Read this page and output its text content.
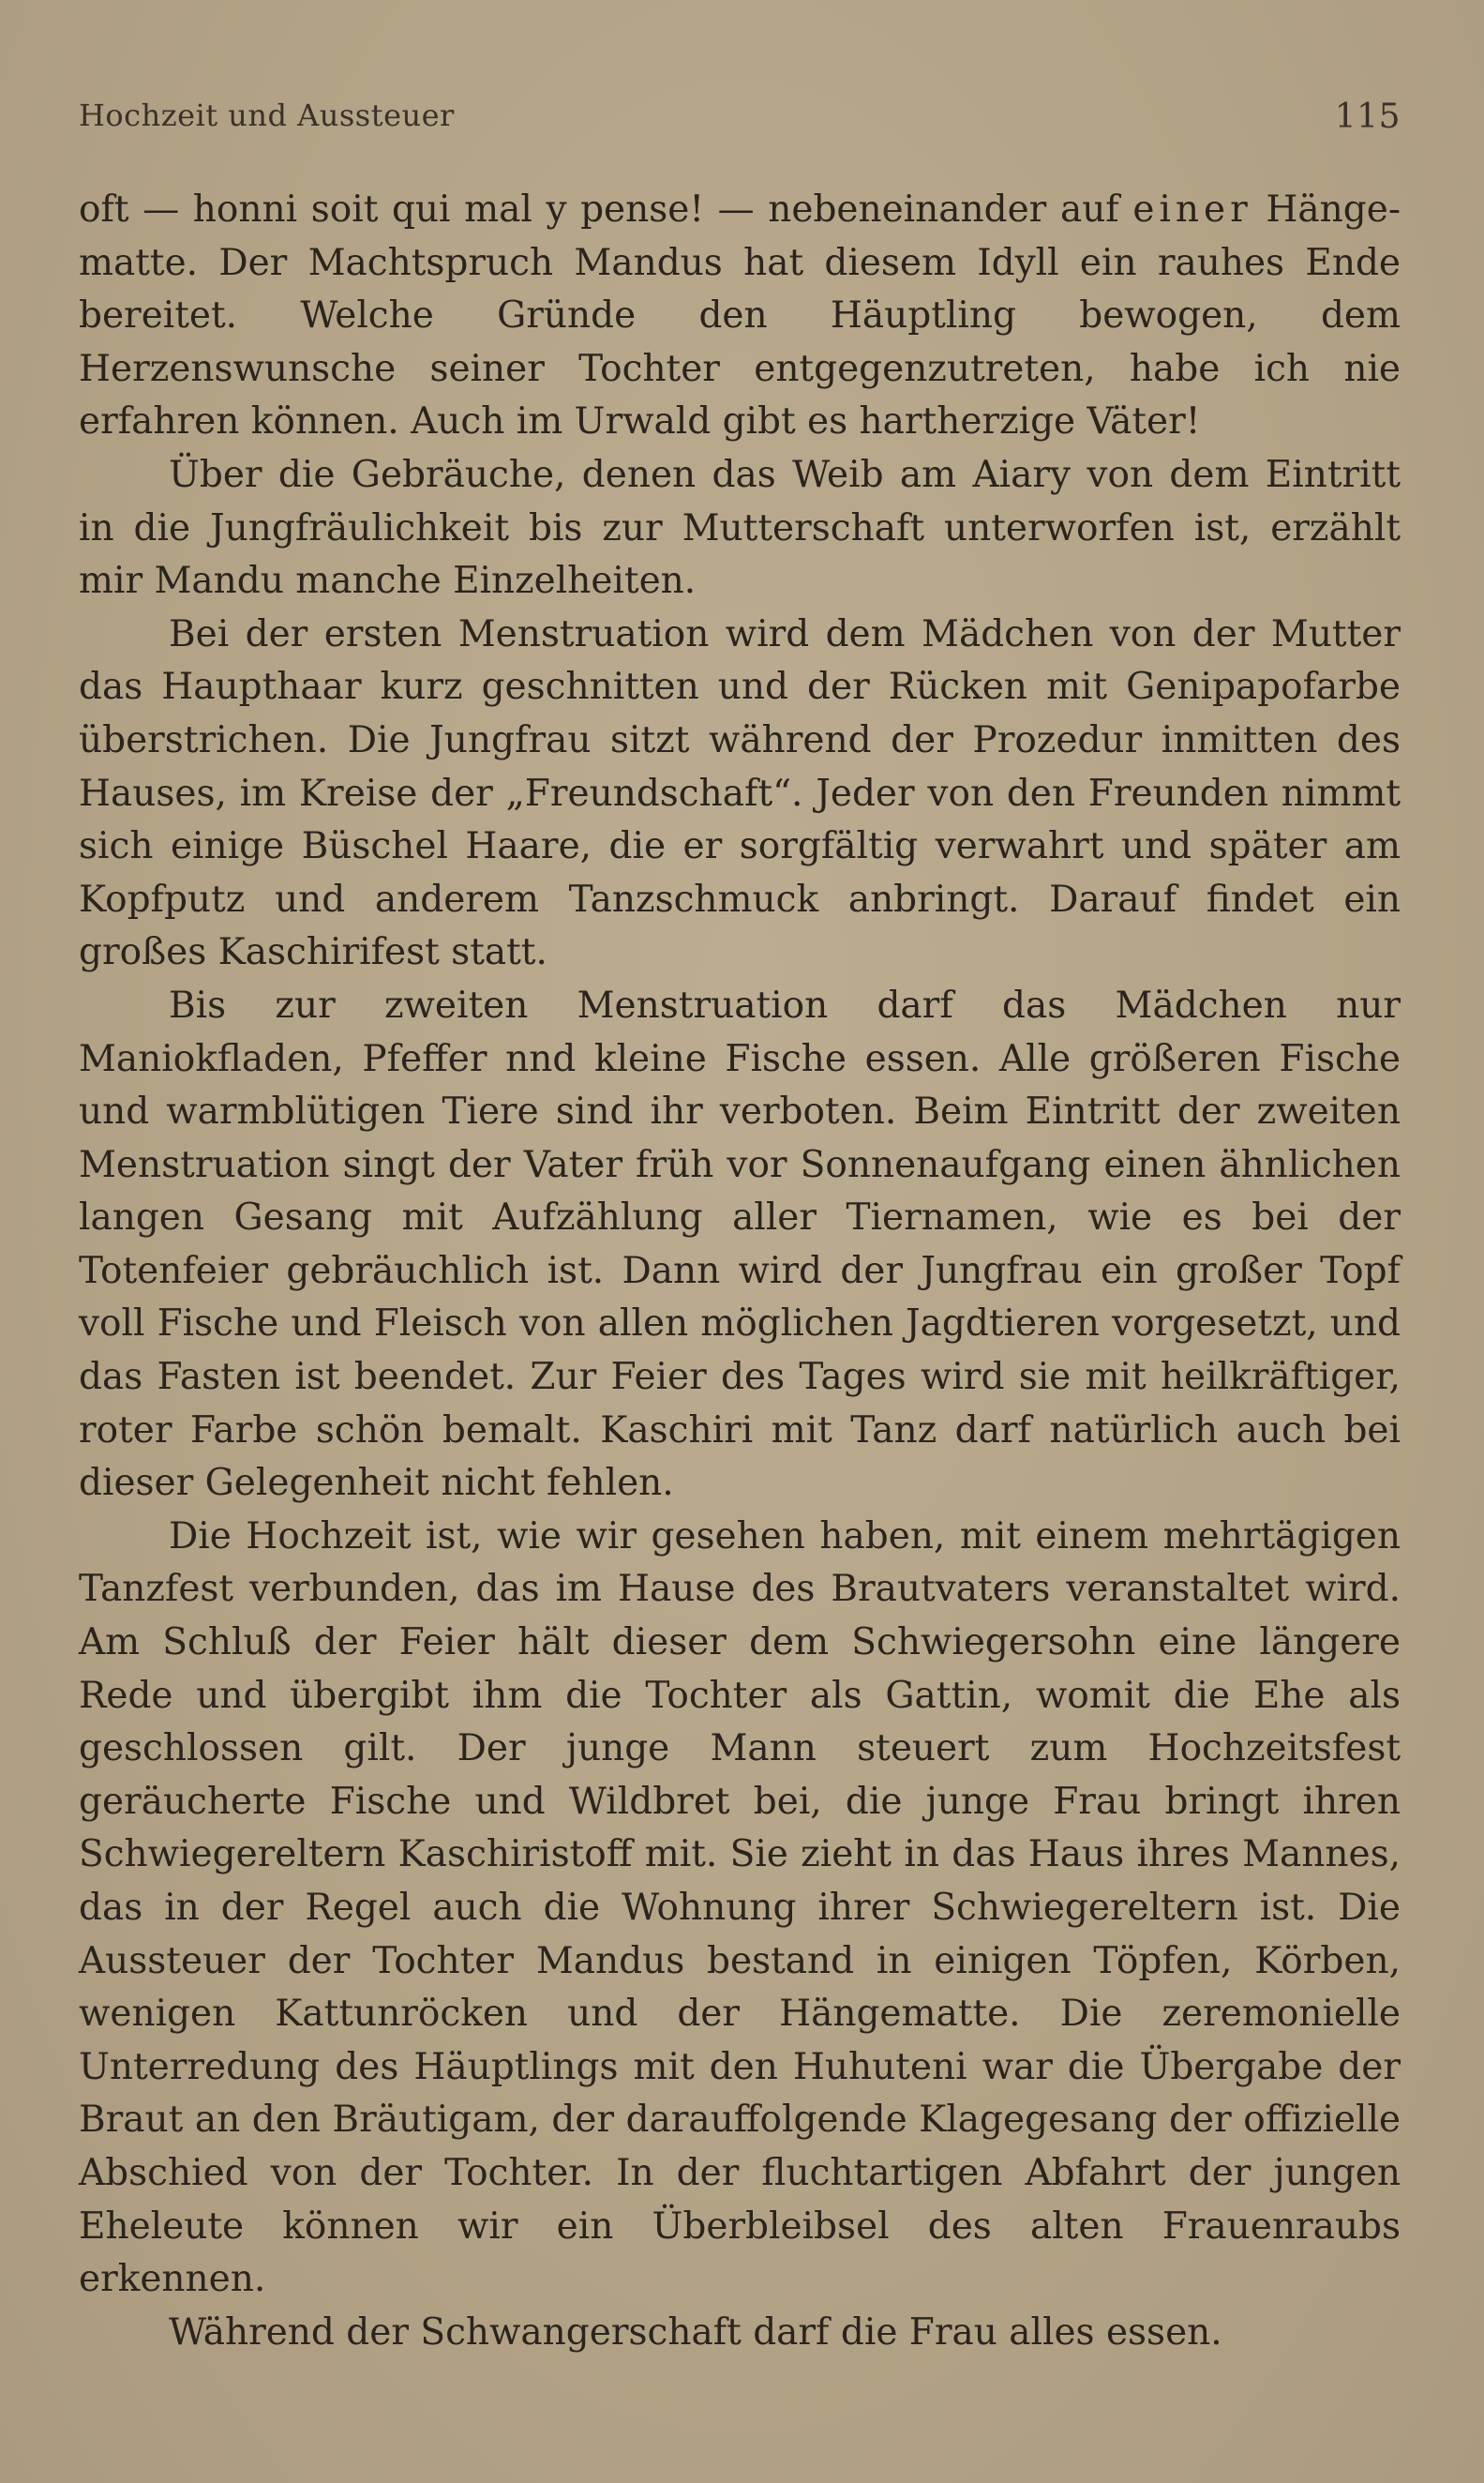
Hochzeit und Aussteuer	115

oft — honni soit qui mal y pense! — nebeneinander auf einer Hängematte. Der Machtspruch Mandus hat diesem Idyll ein rauhes Ende bereitet. Welche Gründe den Häuptling bewogen, dem Herzenswunsche seiner Tochter entgegenzutreten, habe ich nie erfahren können. Auch im Urwald gibt es hartherzige Väter!

Über die Gebräuche, denen das Weib am Aiary von dem Eintritt in die Jungfräulichkeit bis zur Mutterschaft unterworfen ist, erzählt mir Mandu manche Einzelheiten.

Bei der ersten Menstruation wird dem Mädchen von der Mutter das Haupthaar kurz geschnitten und der Rücken mit Genipapofarbe überstrichen. Die Jungfrau sitzt während der Prozedur inmitten des Hauses, im Kreise der „Freundschaft“. Jeder von den Freunden nimmt sich einige Büschel Haare, die er sorgfältig verwahrt und später am Kopfputz und anderem Tanzschmuck anbringt. Darauf findet ein großes Kaschirifest statt.

Bis zur zweiten Menstruation darf das Mädchen nur Maniokfladen, Pfeffer nnd kleine Fische essen. Alle größeren Fische und warmblütigen Tiere sind ihr verboten. Beim Eintritt der zweiten Menstruation singt der Vater früh vor Sonnenaufgang einen ähnlichen langen Gesang mit Aufzählung aller Tiernamen, wie es bei der Totenfeier gebräuchlich ist. Dann wird der Jungfrau ein großer Topf voll Fische und Fleisch von allen möglichen Jagdtieren vorgesetzt, und das Fasten ist beendet. Zur Feier des Tages wird sie mit heilkräftiger, roter Farbe schön bemalt. Kaschiri mit Tanz darf natürlich auch bei dieser Gelegenheit nicht fehlen.

Die Hochzeit ist, wie wir gesehen haben, mit einem mehrtägigen Tanzfest verbunden, das im Hause des Brautvaters veranstaltet wird. Am Schluß der Feier hält dieser dem Schwiegersohn eine längere Rede und übergibt ihm die Tochter als Gattin, womit die Ehe als geschlossen gilt. Der junge Mann steuert zum Hochzeitsfest geräucherte Fische und Wildbret bei, die junge Frau bringt ihren Schwiegereltern Kaschiristoff mit. Sie zieht in das Haus ihres Mannes, das in der Regel auch die Wohnung ihrer Schwiegereltern ist. Die Aussteuer der Tochter Mandus bestand in einigen Töpfen, Körben, wenigen Kattunröcken und der Hängematte. Die zeremonielle Unterredung des Häuptlings mit den Huhuteni war die Übergabe der Braut an den Bräutigam, der darauffolgende Klagegesang der offizielle Abschied von der Tochter. In der fluchtartigen Abfahrt der jungen Eheleute können wir ein Überbleibsel des alten Frauenraubs erkennen.

Während der Schwangerschaft darf die Frau alles essen.
